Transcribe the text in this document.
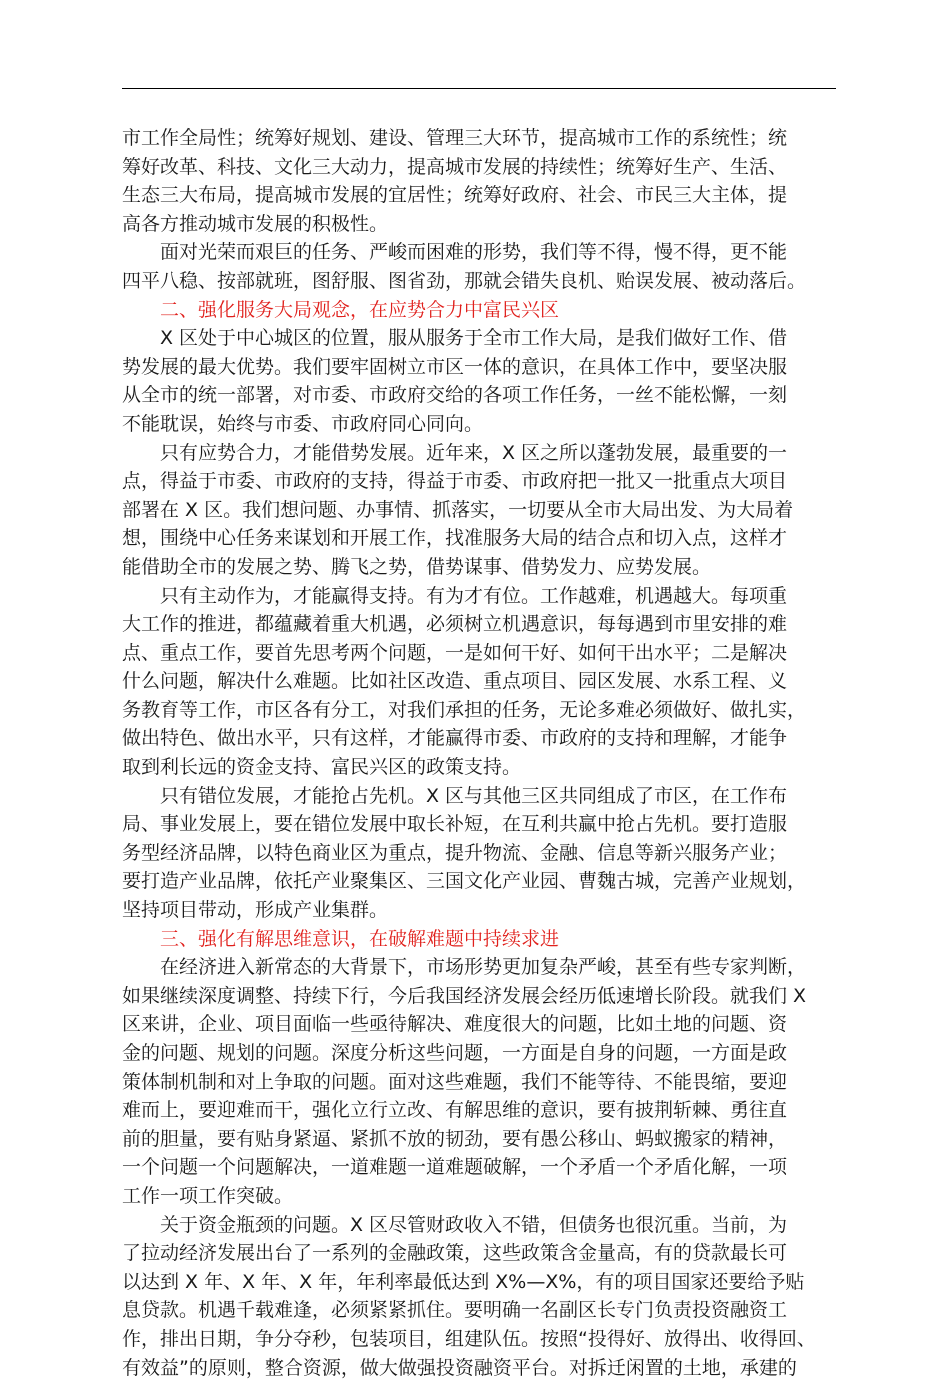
市工作全局性；统筹好规划、建设、管理三大环节，提高城市工作的系统性；统
筹好改革、科技、文化三大动力，提高城市发展的持续性；统筹好生产、生活、
生态三大布局，提高城市发展的宜居性；统筹好政府、社会、市民三大主体，提
高各方推动城市发展的积极性。
面对光荣而艰巨的任务、严峻而困难的形势，我们等不得，慢不得，更不能
四平八稳、按部就班，图舒服、图省劲，那就会错失良机、贻误发展、被动落后。
二、强化服务大局观念，在应势合力中富民兴区
X 区处于中心城区的位置，服从服务于全市工作大局，是我们做好工作、借
势发展的最大优势。我们要牢固树立市区一体的意识，在具体工作中，要坚决服
从全市的统一部署，对市委、市政府交给的各项工作任务，一丝不能松懈，一刻
不能耽误，始终与市委、市政府同心同向。
只有应势合力，才能借势发展。近年来，X 区之所以蓬勃发展，最重要的一
点，得益于市委、市政府的支持，得益于市委、市政府把一批又一批重点大项目
部署在 X 区。我们想问题、办事情、抓落实，一切要从全市大局出发、为大局着
想，围绕中心任务来谋划和开展工作，找准服务大局的结合点和切入点，这样才
能借助全市的发展之势、腾飞之势，借势谋事、借势发力、应势发展。
只有主动作为，才能赢得支持。有为才有位。工作越难，机遇越大。每项重
大工作的推进，都蕴藏着重大机遇，必须树立机遇意识，每每遇到市里安排的难
点、重点工作，要首先思考两个问题，一是如何干好、如何干出水平；二是解决
什么问题，解决什么难题。比如社区改造、重点项目、园区发展、水系工程、义
务教育等工作，市区各有分工，对我们承担的任务，无论多难必须做好、做扎实，
做出特色、做出水平，只有这样，才能赢得市委、市政府的支持和理解，才能争
取到利长远的资金支持、富民兴区的政策支持。
只有错位发展，才能抢占先机。X 区与其他三区共同组成了市区，在工作布
局、事业发展上，要在错位发展中取长补短，在互利共赢中抢占先机。要打造服
务型经济品牌，以特色商业区为重点，提升物流、金融、信息等新兴服务产业；
要打造产业品牌，依托产业聚集区、三国文化产业园、曹魏古城，完善产业规划，
坚持项目带动，形成产业集群。
三、强化有解思维意识，在破解难题中持续求进
在经济进入新常态的大背景下，市场形势更加复杂严峻，甚至有些专家判断，
如果继续深度调整、持续下行，今后我国经济发展会经历低速增长阶段。就我们 X
区来讲，企业、项目面临一些亟待解决、难度很大的问题，比如土地的问题、资
金的问题、规划的问题。深度分析这些问题，一方面是自身的问题，一方面是政
策体制机制和对上争取的问题。面对这些难题，我们不能等待、不能畏缩，要迎
难而上，要迎难而干，强化立行立改、有解思维的意识，要有披荆斩棘、勇往直
前的胆量，要有贴身紧逼、紧抓不放的韧劲，要有愚公移山、蚂蚁搬家的精神，
一个问题一个问题解决，一道难题一道难题破解，一个矛盾一个矛盾化解，一项
工作一项工作突破。
关于资金瓶颈的问题。X 区尽管财政收入不错，但债务也很沉重。当前，为
了拉动经济发展出台了一系列的金融政策，这些政策含金量高，有的贷款最长可
以达到 X 年、X 年、X 年，年利率最低达到 X%—X%，有的项目国家还要给予贴
息贷款。机遇千载难逢，必须紧紧抓住。要明确一名副区长专门负责投资融资工
作，排出日期，争分夺秒，包装项目，组建队伍。按照“投得好、放得出、收得回、
有效益”的原则，整合资源，做大做强投资融资平台。对拆迁闲置的土地，承建的
